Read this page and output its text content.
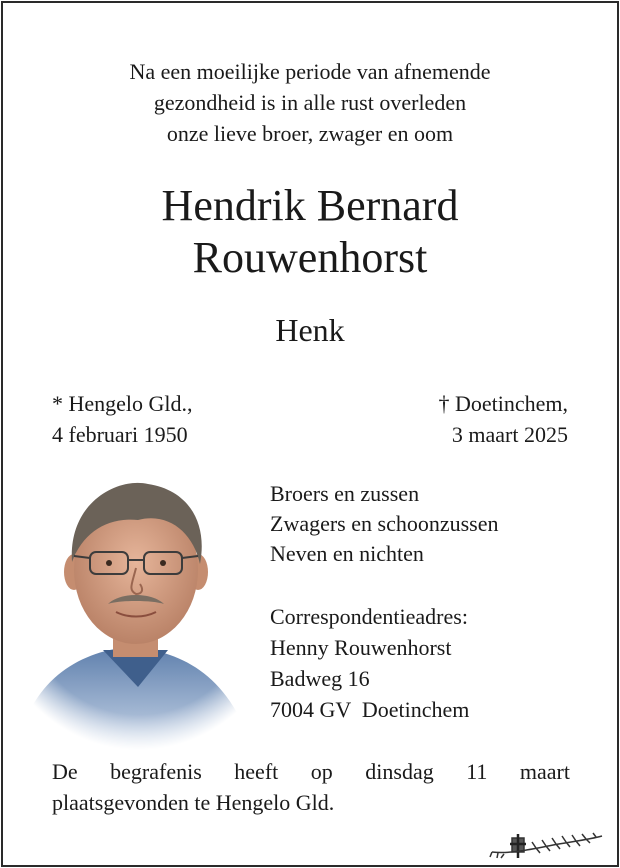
Na een moeilijke periode van afnemende
gezondheid is in alle rust overleden
onze lieve broer, zwager en oom
Hendrik Bernard
Rouwenhorst
Henk
* Hengelo Gld.,
4 februari 1950
† Doetinchem,
3 maart 2025
Broers en zussen
Zwagers en schoonzussen
Neven en nichten
Correspondentieadres:
Henny Rouwenhorst
Badweg 16
7004 GV  Doetinchem
De begrafenis heeft op dinsdag 11 maart
plaatsgevonden te Hengelo Gld.
